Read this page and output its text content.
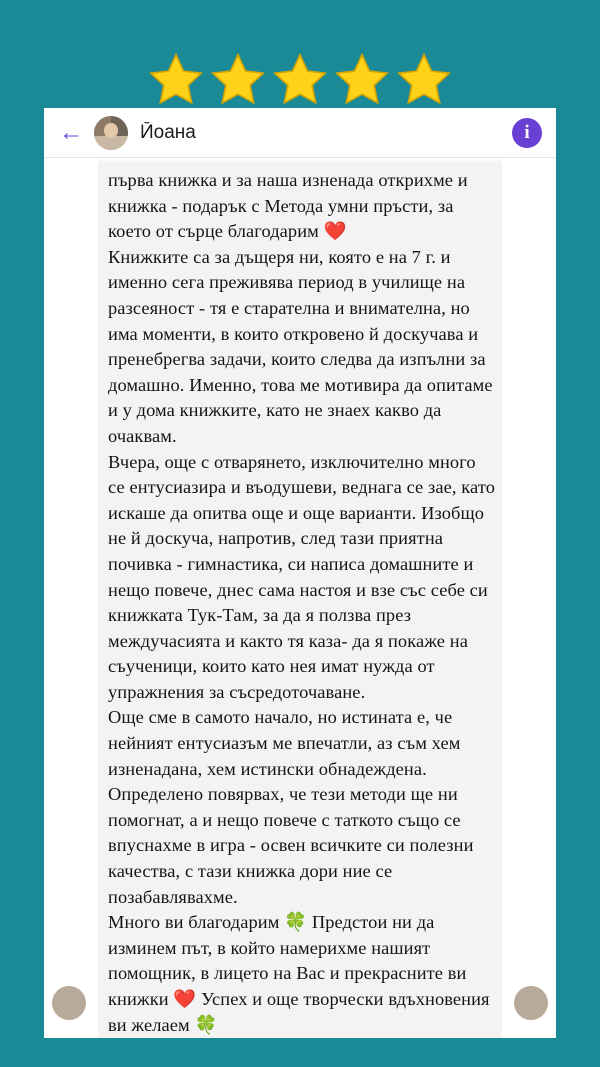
←	Йоана	i

първа книжка и за наша изненада открихме и книжка - подарък с Метода умни пръсти, за което от сърце благодарим ❤️

Книжките са за дъщеря ни, която е на 7 г. и именно сега преживява период в училище на разсеяност - тя е старателна и внимателна, но има моменти, в които откровено й доскучава и пренебрегва задачи, които следва да изпълни за домашно. Именно, това ме мотивира да опитаме и у дома книжките, като не знаех какво да очаквам.

Вчера, още с отварянето, изключително много се ентусиазира и въодушеви, веднага се зае, като искаше да опитва още и още варианти. Изобщо не й доскуча, напротив, след тази приятна почивка - гимнастика, си написа домашните и нещо повече, днес сама настоя и взе със себе си книжката Тук-Там, за да я ползва през междучасията и както тя каза- да я покаже на съученици, които като нея имат нужда от упражнения за съсредоточаване.

Още сме в самото начало, но истината е, че нейният ентусиазъм ме впечатли, аз съм хем изненадана, хем истински обнадеждена. Определено повярвах, че тези методи ще ни помогнат, а и нещо повече с таткото също се впуснахме в игра - освен всичките си полезни качества, с тази книжка дори ние се позабавлявахме.

Много ви благодарим 🍀 Предстои ни да изминем път, в който намерихме нашият помощник, в лицето на Вас и прекрасните ви книжки ❤️ Успех и още творчески вдъхновения ви желаем 🍀
